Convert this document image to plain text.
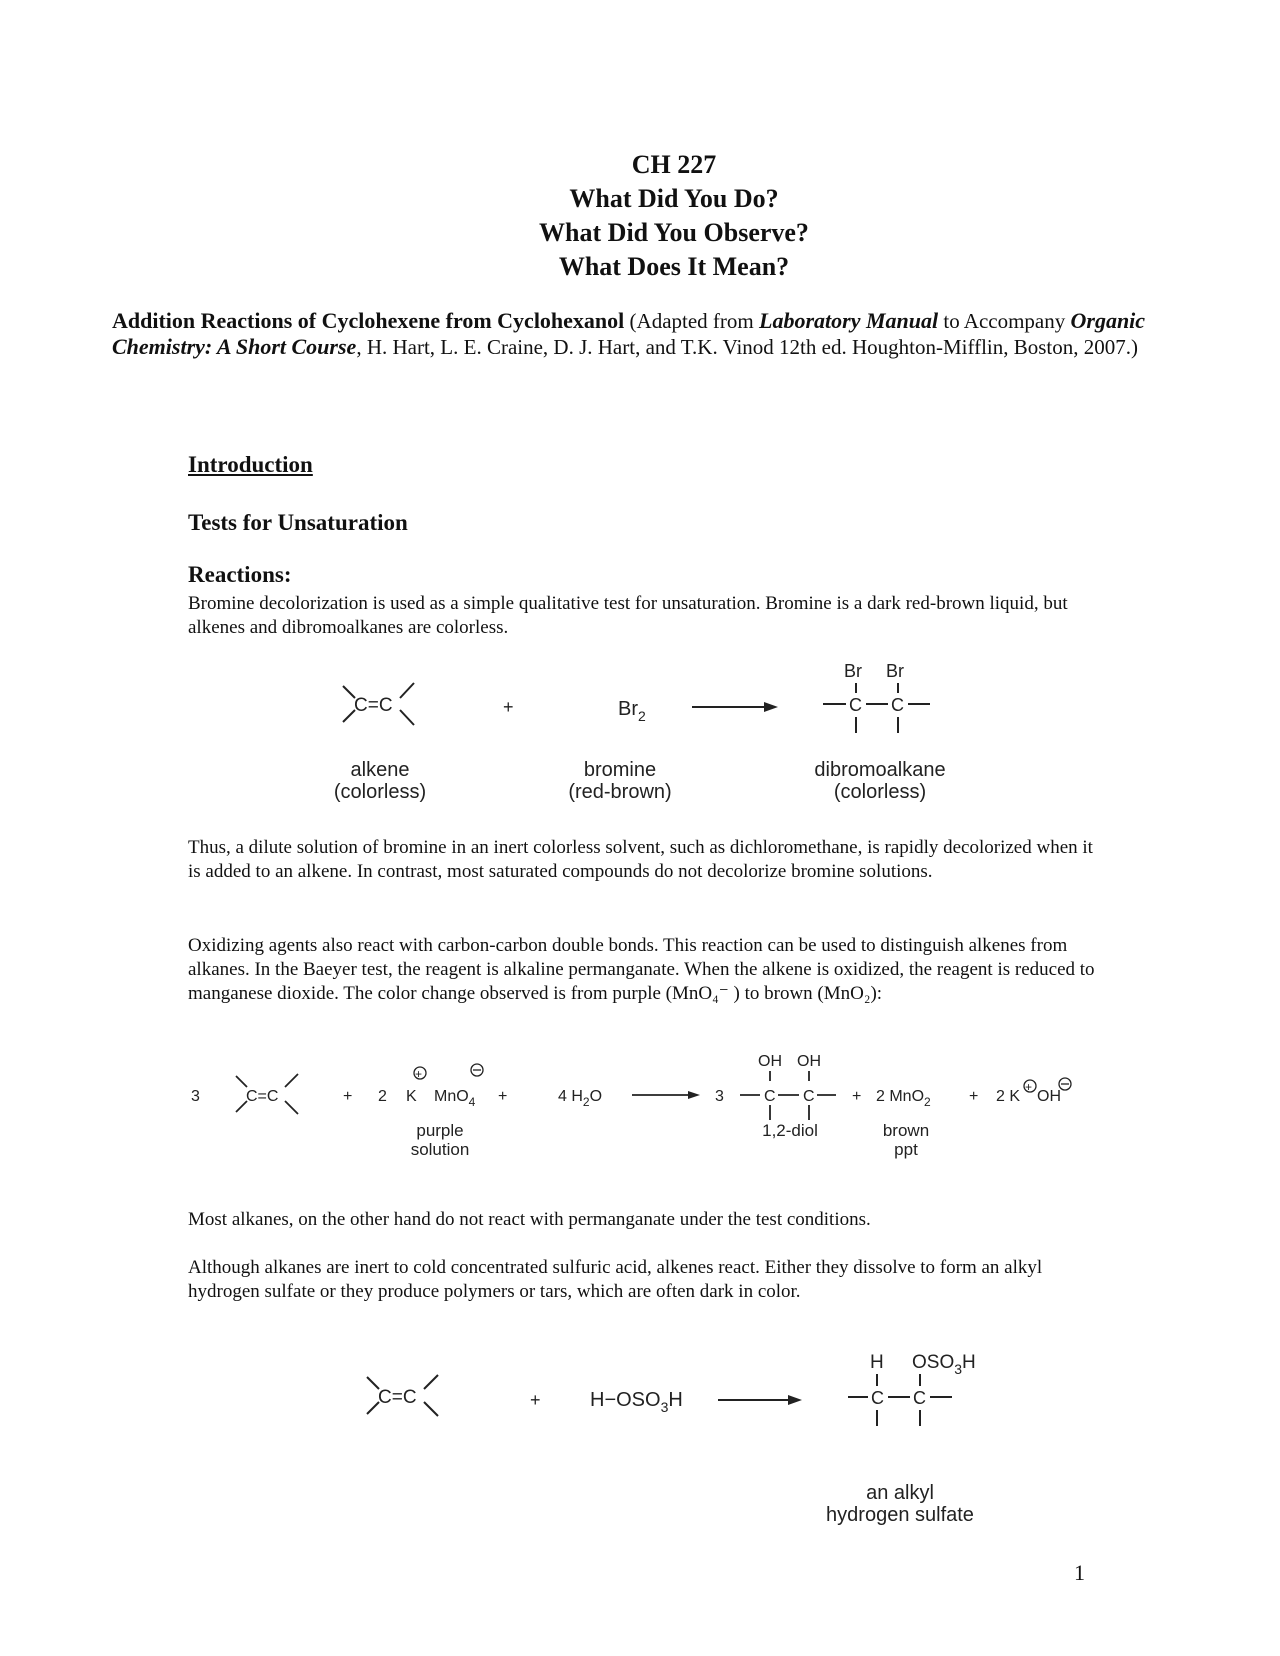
CH 227
What Did You Do?
What Did You Observe?
What Does It Mean?
Addition Reactions of Cyclohexene from Cyclohexanol (Adapted from Laboratory Manual to Accompany Organic Chemistry: A Short Course, H. Hart, L. E. Craine, D. J. Hart, and T.K. Vinod 12th ed. Houghton-Mifflin, Boston, 2007.)
Introduction
Tests for Unsaturation
Reactions:
Bromine decolorization is used as a simple qualitative test for unsaturation. Bromine is a dark red-brown liquid, but alkenes and dibromoalkanes are colorless.
C=C	+	$Br_2$
Br Br
C C
alkene
(colorless)
bromine
(red-brown)
dibromoalkane
(colorless)
Thus, a dilute solution of bromine in an inert colorless solvent, such as dichloromethane, is rapidly decolorized when it is added to an alkene. In contrast, most saturated compounds do not decolorize bromine solutions.
Oxidizing agents also react with carbon-carbon double bonds. This reaction can be used to distinguish alkenes from alkanes. In the Baeyer test, the reagent is alkaline permanganate. When the alkene is oxidized, the reagent is reduced to manganese dioxide. The color change observed is from purple (MnO₄⁻ ) to brown (MnO₂):
3	C=C	+ 2 K
+
MnO$_4$ +	4 $H_2O$	3
OH OH
C C + 2 MnO$_2$ + 2 K
+
OH
purple
solution
1,2-diol	brown
ppt
Most alkanes, on the other hand do not react with permanganate under the test conditions.
Although alkanes are inert to cold concentrated sulfuric acid, alkenes react. Either they dissolve to form an alkyl hydrogen sulfate or they produce polymers or tars, which are often dark in color.
C=C	+ $H-OSO_3H$
H $OSO_3H$
C C
an alkyl
hydrogen sulfate
1
